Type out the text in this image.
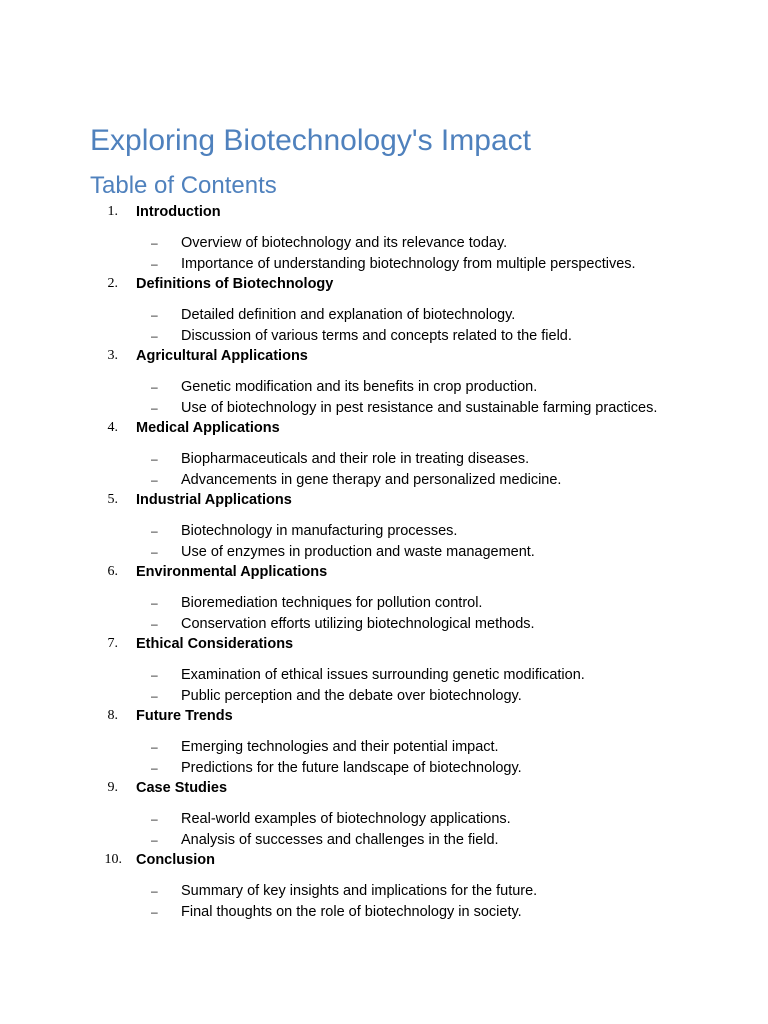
Exploring Biotechnology's Impact
Table of Contents
1. Introduction
– Overview of biotechnology and its relevance today.
– Importance of understanding biotechnology from multiple perspectives.
2. Definitions of Biotechnology
– Detailed definition and explanation of biotechnology.
– Discussion of various terms and concepts related to the field.
3. Agricultural Applications
– Genetic modification and its benefits in crop production.
– Use of biotechnology in pest resistance and sustainable farming practices.
4. Medical Applications
– Biopharmaceuticals and their role in treating diseases.
– Advancements in gene therapy and personalized medicine.
5. Industrial Applications
– Biotechnology in manufacturing processes.
– Use of enzymes in production and waste management.
6. Environmental Applications
– Bioremediation techniques for pollution control.
– Conservation efforts utilizing biotechnological methods.
7. Ethical Considerations
– Examination of ethical issues surrounding genetic modification.
– Public perception and the debate over biotechnology.
8. Future Trends
– Emerging technologies and their potential impact.
– Predictions for the future landscape of biotechnology.
9. Case Studies
– Real-world examples of biotechnology applications.
– Analysis of successes and challenges in the field.
10. Conclusion
– Summary of key insights and implications for the future.
– Final thoughts on the role of biotechnology in society.
